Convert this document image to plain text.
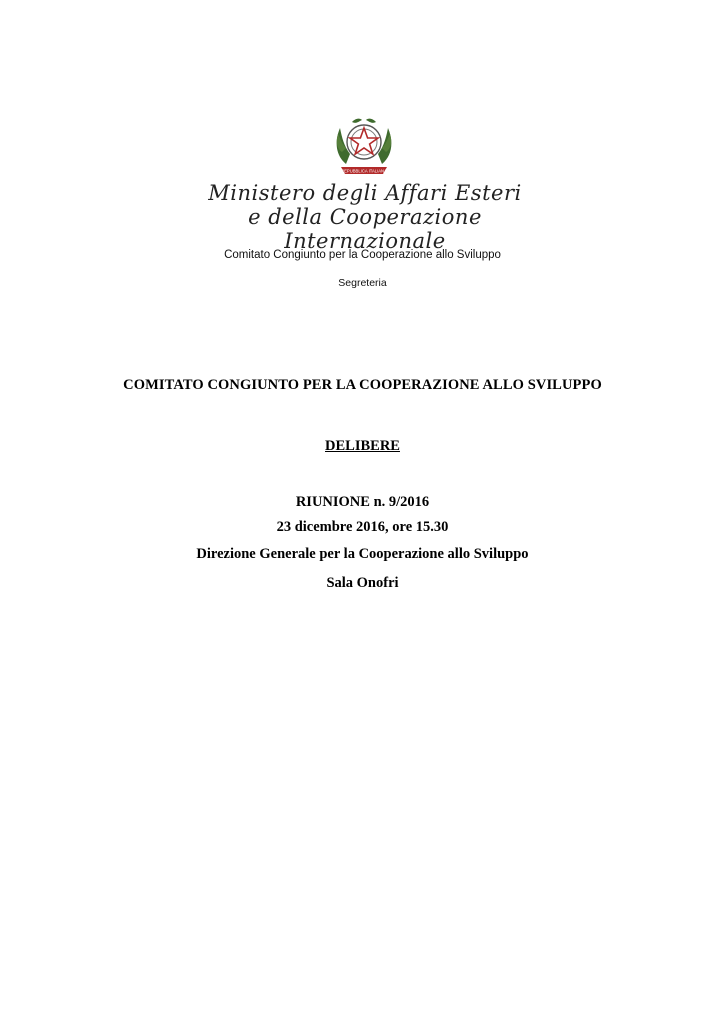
REPUBBLICA ITALIANA
Ministero degli Affari Esteri
e della Cooperazione Internazionale
Comitato Congiunto per la Cooperazione allo Sviluppo
Segreteria
COMITATO CONGIUNTO PER LA COOPERAZIONE ALLO SVILUPPO
DELIBERE
RIUNIONE n. 9/2016
23 dicembre 2016, ore 15.30
Direzione Generale per la Cooperazione allo Sviluppo
Sala Onofri
